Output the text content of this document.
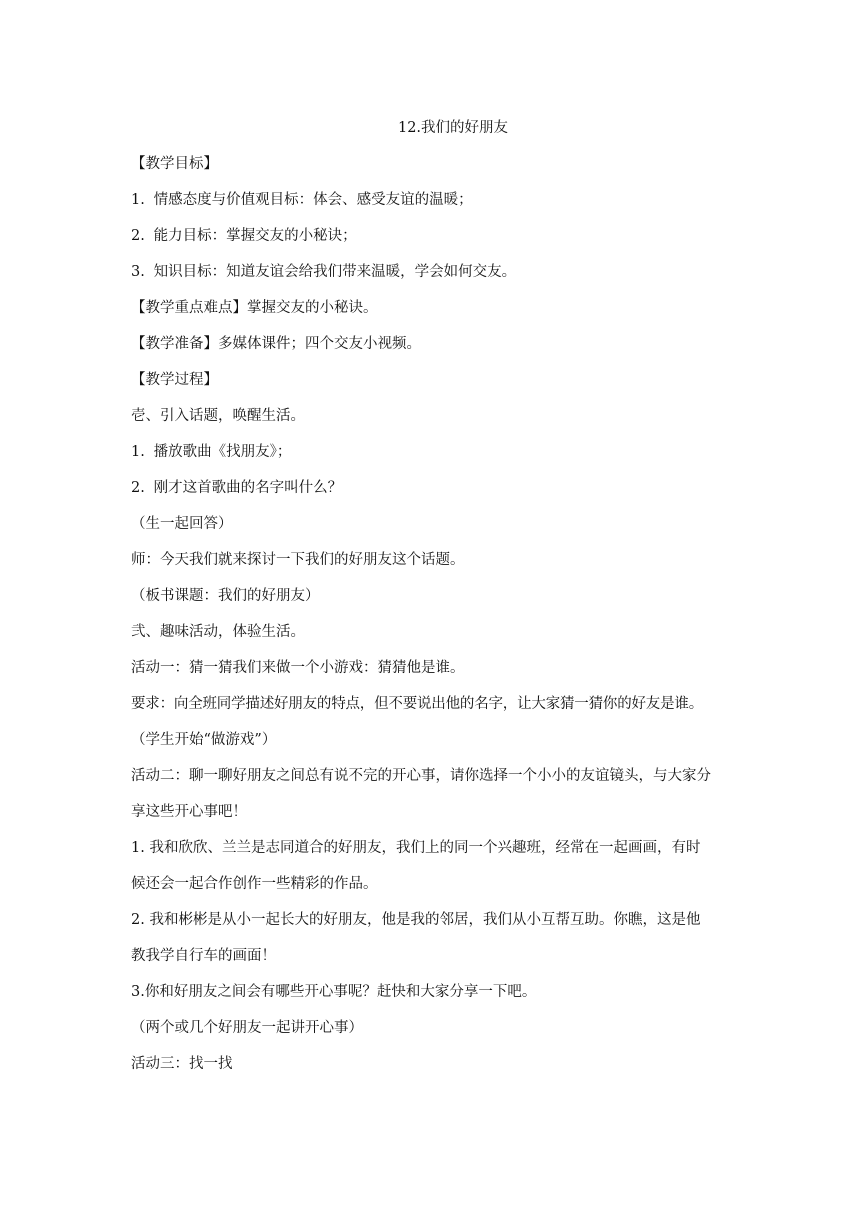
12.我们的好朋友
【教学目标】
1. 情感态度与价值观目标：体会、感受友谊的温暖；
2. 能力目标：掌握交友的小秘诀；
3. 知识目标：知道友谊会给我们带来温暖，学会如何交友。
【教学重点难点】掌握交友的小秘诀。
【教学准备】多媒体课件；四个交友小视频。
【教学过程】
壱、引入话题，唤醒生活。
1. 播放歌曲《找朋友》；
2. 刚才这首歌曲的名字叫什么？
（生一起回答）
师：今天我们就来探讨一下我们的好朋友这个话题。
（板书课题：我们的好朋友）
弐、趣味活动，体验生活。
活动一：猜一猜我们来做一个小游戏：猜猜他是谁。
要求：向全班同学描述好朋友的特点，但不要说出他的名字，让大家猜一猜你的好友是谁。
（学生开始“做游戏”）
活动二：聊一聊好朋友之间总有说不完的开心事，请你选择一个小小的友谊镜头，与大家分
享这些开心事吧！
1. 我和欣欣、兰兰是志同道合的好朋友，我们上的同一个兴趣班，经常在一起画画，有时
候还会一起合作创作一些精彩的作品。
2. 我和彬彬是从小一起长大的好朋友，他是我的邻居，我们从小互帮互助。你瞧，这是他
教我学自行车的画面！
3.你和好朋友之间会有哪些开心事呢？赶快和大家分享一下吧。
（两个或几个好朋友一起讲开心事）
活动三：找一找
